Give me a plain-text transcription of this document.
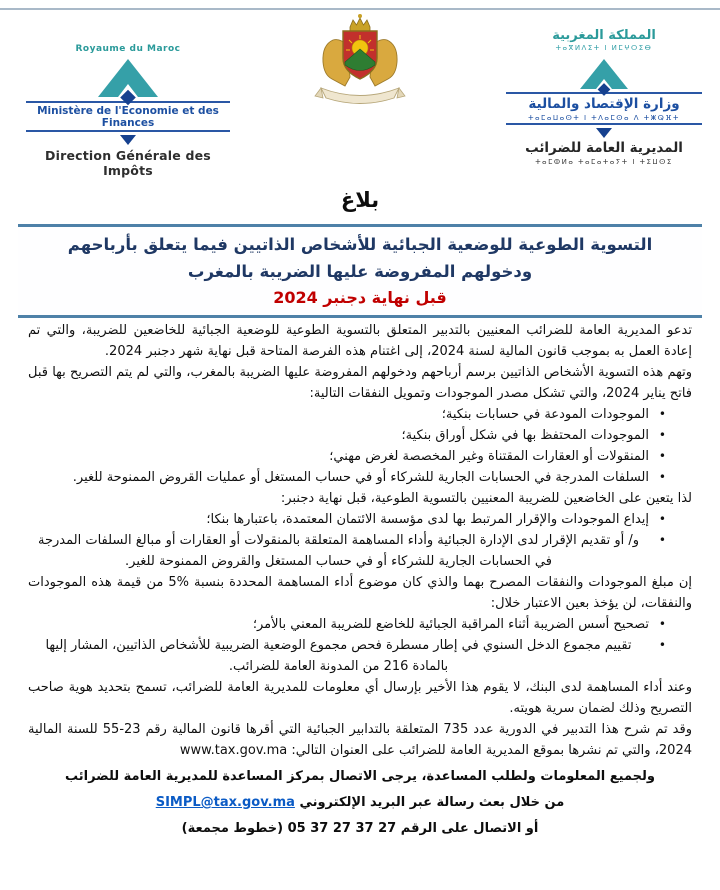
Royaume du Maroc
Ministère de l'Economie et des Finances
Direction Générale des Impôts
المملكة المغربية
ⵜⴰⴳⵍⴷⵉⵜ ⵏ ⵍⵎⵖⵔⵉⴱ
وزارة الإقتصاد والمالية
ⵜⴰⵎⴰⵡⴰⵙⵜ ⵏ ⵜⴷⴰⵎⵙⴰ ⴷ ⵜⵥⵕⴼⵜ
المديرية العامة للضرائب
ⵜⴰⵎⵀⵍⴰ ⵜⴰⵎⴰⵜⴰⵢⵜ ⵏ ⵜⵉⵡⵙⵉ
بلاغ
التسوية الطوعية للوضعية الجبائية للأشخاص الذاتيين فيما يتعلق بأرباحهم
ودخولهم المفروضة عليها الضريبة بالمغرب
قبل نهاية دجنبر 2024
تدعو المديرية العامة للضرائب المعنيين بالتدبير المتعلق بالتسوية الطوعية للوضعية الجبائية للخاضعين للضريبة، والتي تم إعادة العمل به بموجب قانون المالية لسنة 2024، إلى اغتنام هذه الفرصة المتاحة قبل نهاية شهر دجنبر 2024.
وتهم هذه التسوية الأشخاص الذاتيين برسم أرباحهم ودخولهم المفروضة عليها الضريبة بالمغرب، والتي لم يتم التصريح بها قبل فاتح يناير 2024، والتي تشكل مصدر الموجودات وتمويل النفقات التالية:
•
الموجودات المودعة في حسابات بنكية؛
•
الموجودات المحتفظ بها في شكل أوراق بنكية؛
•
المنقولات أو العقارات المقتناة وغير المخصصة لغرض مهني؛
•
السلفات المدرجة في الحسابات الجارية للشركاء أو في حساب المستغل أو عمليات القروض الممنوحة للغير.
لذا يتعين على الخاضعين للضريبة المعنيين بالتسوية الطوعية، قبل نهاية دجنبر:
•
إيداع الموجودات والإقرار المرتبط بها لدى مؤسسة الائتمان المعتمدة، باعتبارها بنكا؛
•
و/ أو تقديم الإقرار لدى الإدارة الجبائية وأداء المساهمة المتعلقة بالمنقولات أو العقارات أو مبالغ السلفات المدرجة في الحسابات الجارية للشركاء أو في حساب المستغل والقروض الممنوحة للغير.
إن مبلغ الموجودات والنفقات المصرح بهما والذي كان موضوع أداء المساهمة المحددة بنسبة %5 من قيمة هذه الموجودات والنفقات، لن يؤخذ بعين الاعتبار خلال:
•
تصحيح أسس الضريبة أثناء المراقبة الجبائية للخاضع للضريبة المعني بالأمر؛
•
تقييم مجموع الدخل السنوي في إطار مسطرة فحص مجموع الوضعية الضريبية للأشخاص الذاتيين، المشار إليها بالمادة 216 من المدونة العامة للضرائب.
وعند أداء المساهمة لدى البنك، لا يقوم هذا الأخير بإرسال أي معلومات للمديرية العامة للضرائب، تسمح بتحديد هوية صاحب التصريح وذلك لضمان سرية هويته.
وقد تم شرح هذا التدبير في الدورية عدد 735 المتعلقة بالتدابير الجبائية التي أقرها قانون المالية رقم 23-55 للسنة المالية 2024، والتي تم نشرها بموقع المديرية العامة للضرائب على العنوان التالي: www.tax.gov.ma
ولجميع المعلومات ولطلب المساعدة، يرجى الاتصال بمركز المساعدة للمديرية العامة للضرائب
من خلال بعث رسالة عبر البريد الإلكتروني SIMPL@tax.gov.ma
أو الاتصال على الرقم 27 37 27 37 05 (خطوط مجمعة)
